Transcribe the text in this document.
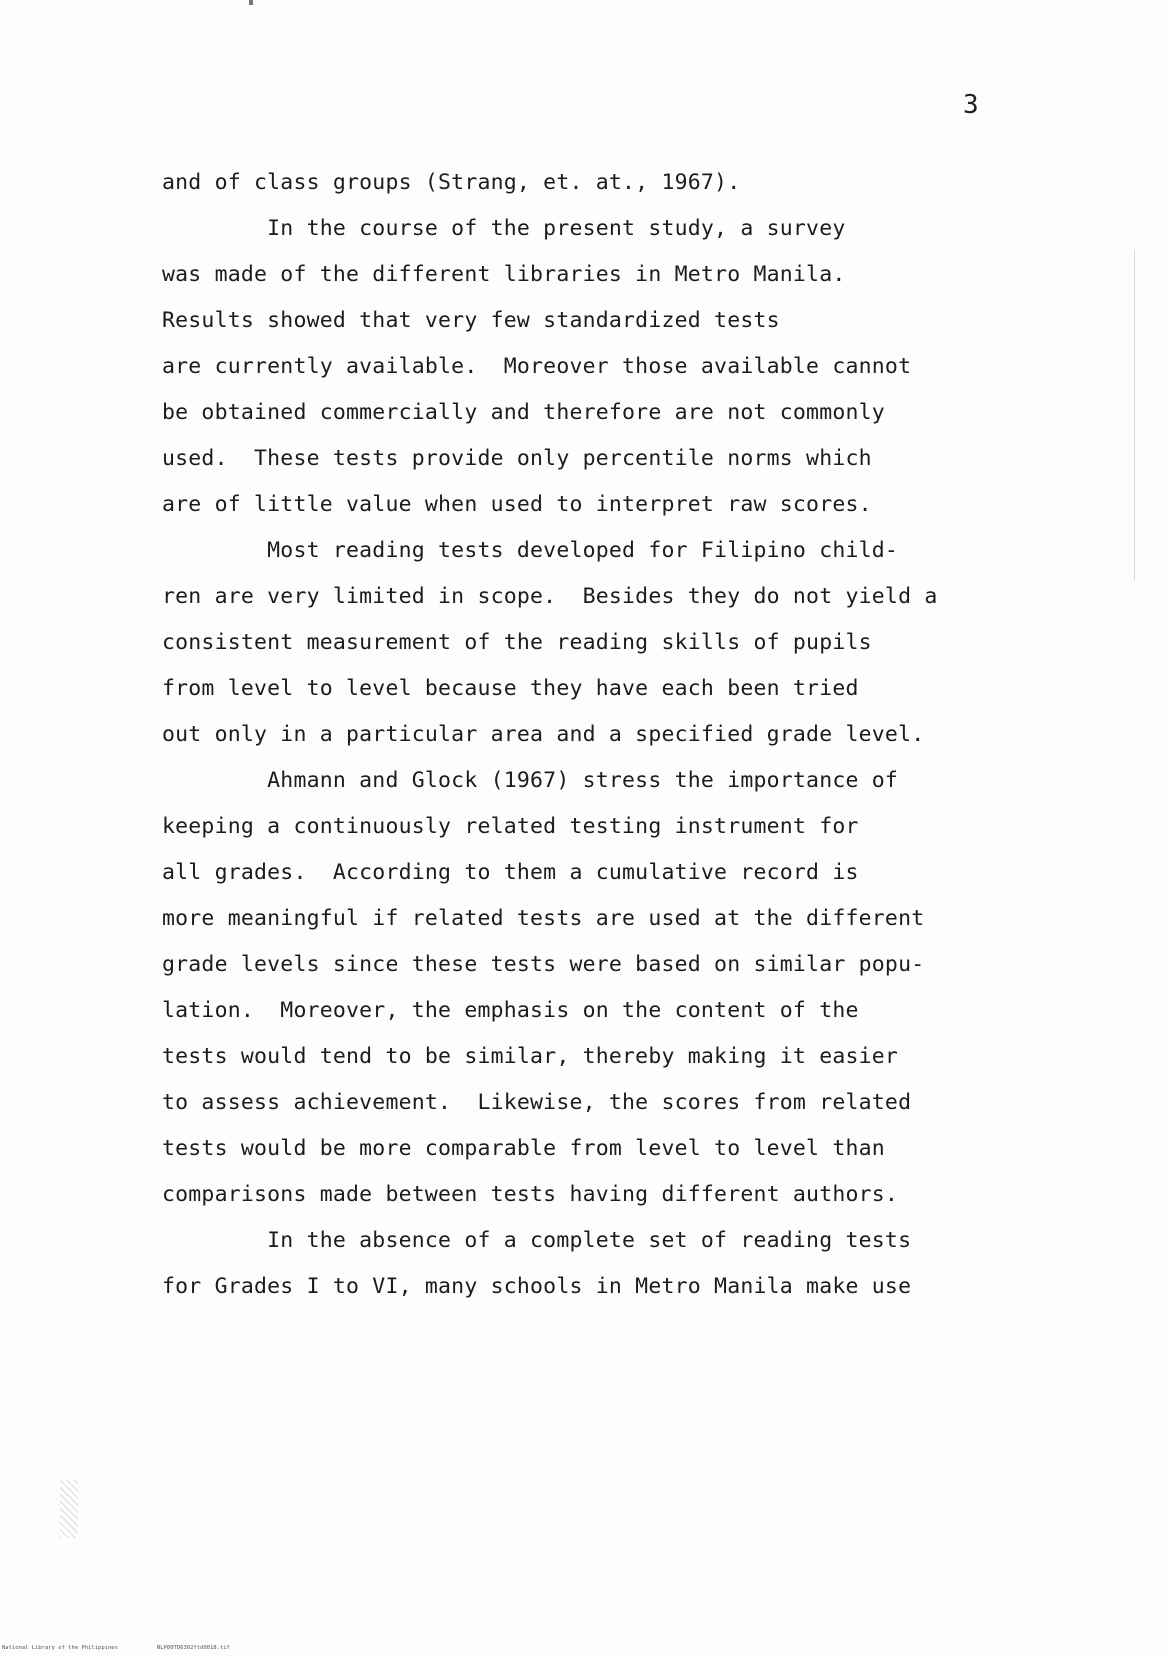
3
and of class groups (Strang, et. at., 1967).
In the course of the present study, a survey
was made of the different libraries in Metro Manila.
Results showed that very few standardized tests
are currently available.  Moreover those available cannot
be obtained commercially and therefore are not commonly
used.  These tests provide only percentile norms which
are of little value when used to interpret raw scores.
Most reading tests developed for Filipino child-
ren are very limited in scope.  Besides they do not yield a
consistent measurement of the reading skills of pupils
from level to level because they have each been tried
out only in a particular area and a specified grade level.
Ahmann and Glock (1967) stress the importance of
keeping a continuously related testing instrument for
all grades.  According to them a cumulative record is
more meaningful if related tests are used at the different
grade levels since these tests were based on similar popu-
lation.  Moreover, the emphasis on the content of the
tests would tend to be similar, thereby making it easier
to assess achievement.  Likewise, the scores from related
tests would be more comparable from level to level than
comparisons made between tests having different authors.
In the absence of a complete set of reading tests
for Grades I to VI, many schools in Metro Manila make use
National Library of the Philippines	NLP00TD6302ftd0018.tif
